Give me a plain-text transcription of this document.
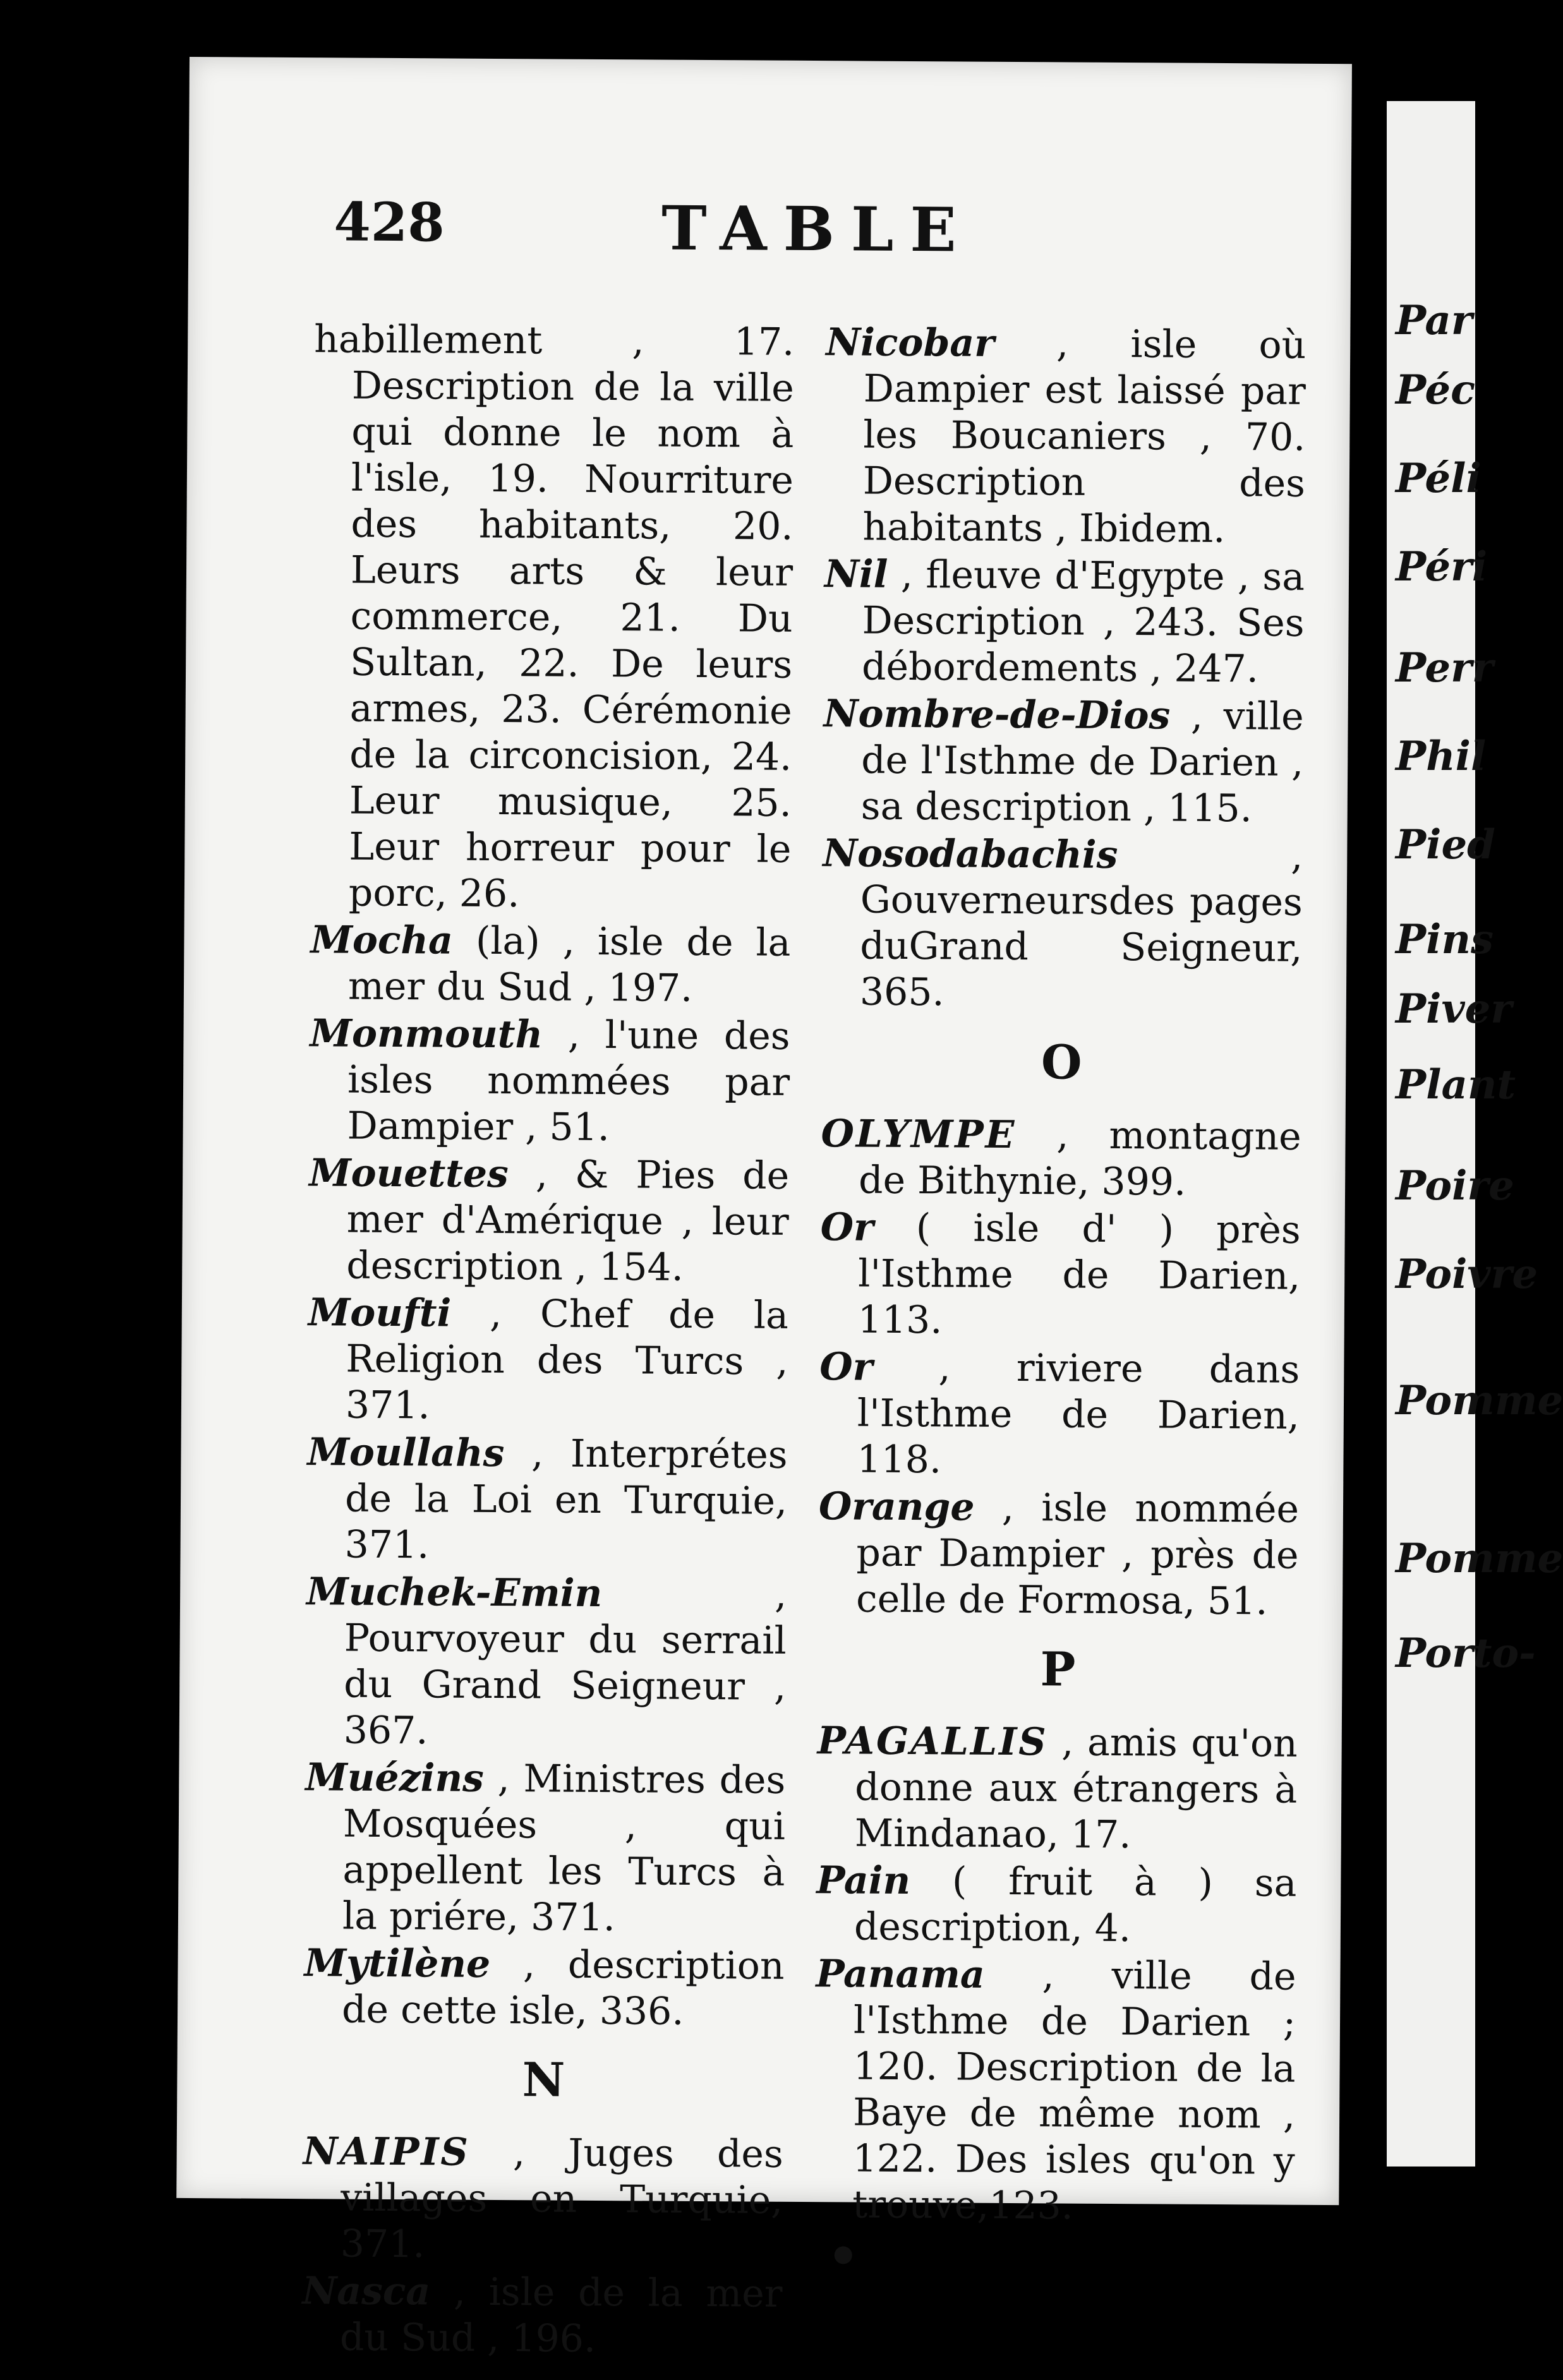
428	TABLE
habillement , 17. Description de la ville qui donne le nom à l'isle, 19. Nourriture des habitants, 20. Leurs arts & leur commerce, 21. Du Sultan, 22. De leurs armes, 23. Cérémonie de la circoncision, 24. Leur musique, 25. Leur horreur pour le porc, 26.
Mocha (la) , isle de la mer du Sud , 197.
Monmouth , l'une des isles nommées par Dampier , 51.
Mouettes , & Pies de mer d'Amérique , leur description , 154.
Moufti , Chef de la Religion des Turcs , 371.
Moullahs , Interprétes de la Loi en Turquie, 371.
Muchek-Emin	, Pourvoyeur du serrail du Grand Seigneur , 367.
Muézins , Ministres des Mosquées , qui appellent les Turcs à la priére, 371.
Mytilène , description de cette isle, 336.
N
NAIPIS , Juges des villages en Turquie, 371.
Nasca , isle de la mer du Sud , 196.
Nicobar , isle où Dampier est laissé par les Boucaniers , 70. Description des habitants , Ibidem.
Nil , fleuve d'Egypte , sa Description , 243. Ses débordements , 247.
Nombre-de-Dios , ville de l'Isthme de Darien , sa description , 115.
Nosodabachis	, Gouverneursdes pages duGrand Seigneur, 365.
O
OLYMPE , montagne de Bithynie, 399.
Or ( isle d' ) près l'Isthme de Darien, 113.
Or , riviere dans l'Isthme de Darien, 118.
Orange , isle nommée par Dampier , près de celle de Formosa, 51.
P
PAGALLIS , amis qu'on donne aux étrangers à Mindanao, 17.
Pain ( fruit à ) sa description, 4.
Panama , ville de l'Isthme de Darien ; 120. Description de la Baye de même nom , 122. Des isles qu'on y trouve,123.
Par
Péc
Péli
Péri
Perr
Phil
Pied
Pins
Piver
Plant
Poire
Poivre
Pomme
Pomme
Porto-
